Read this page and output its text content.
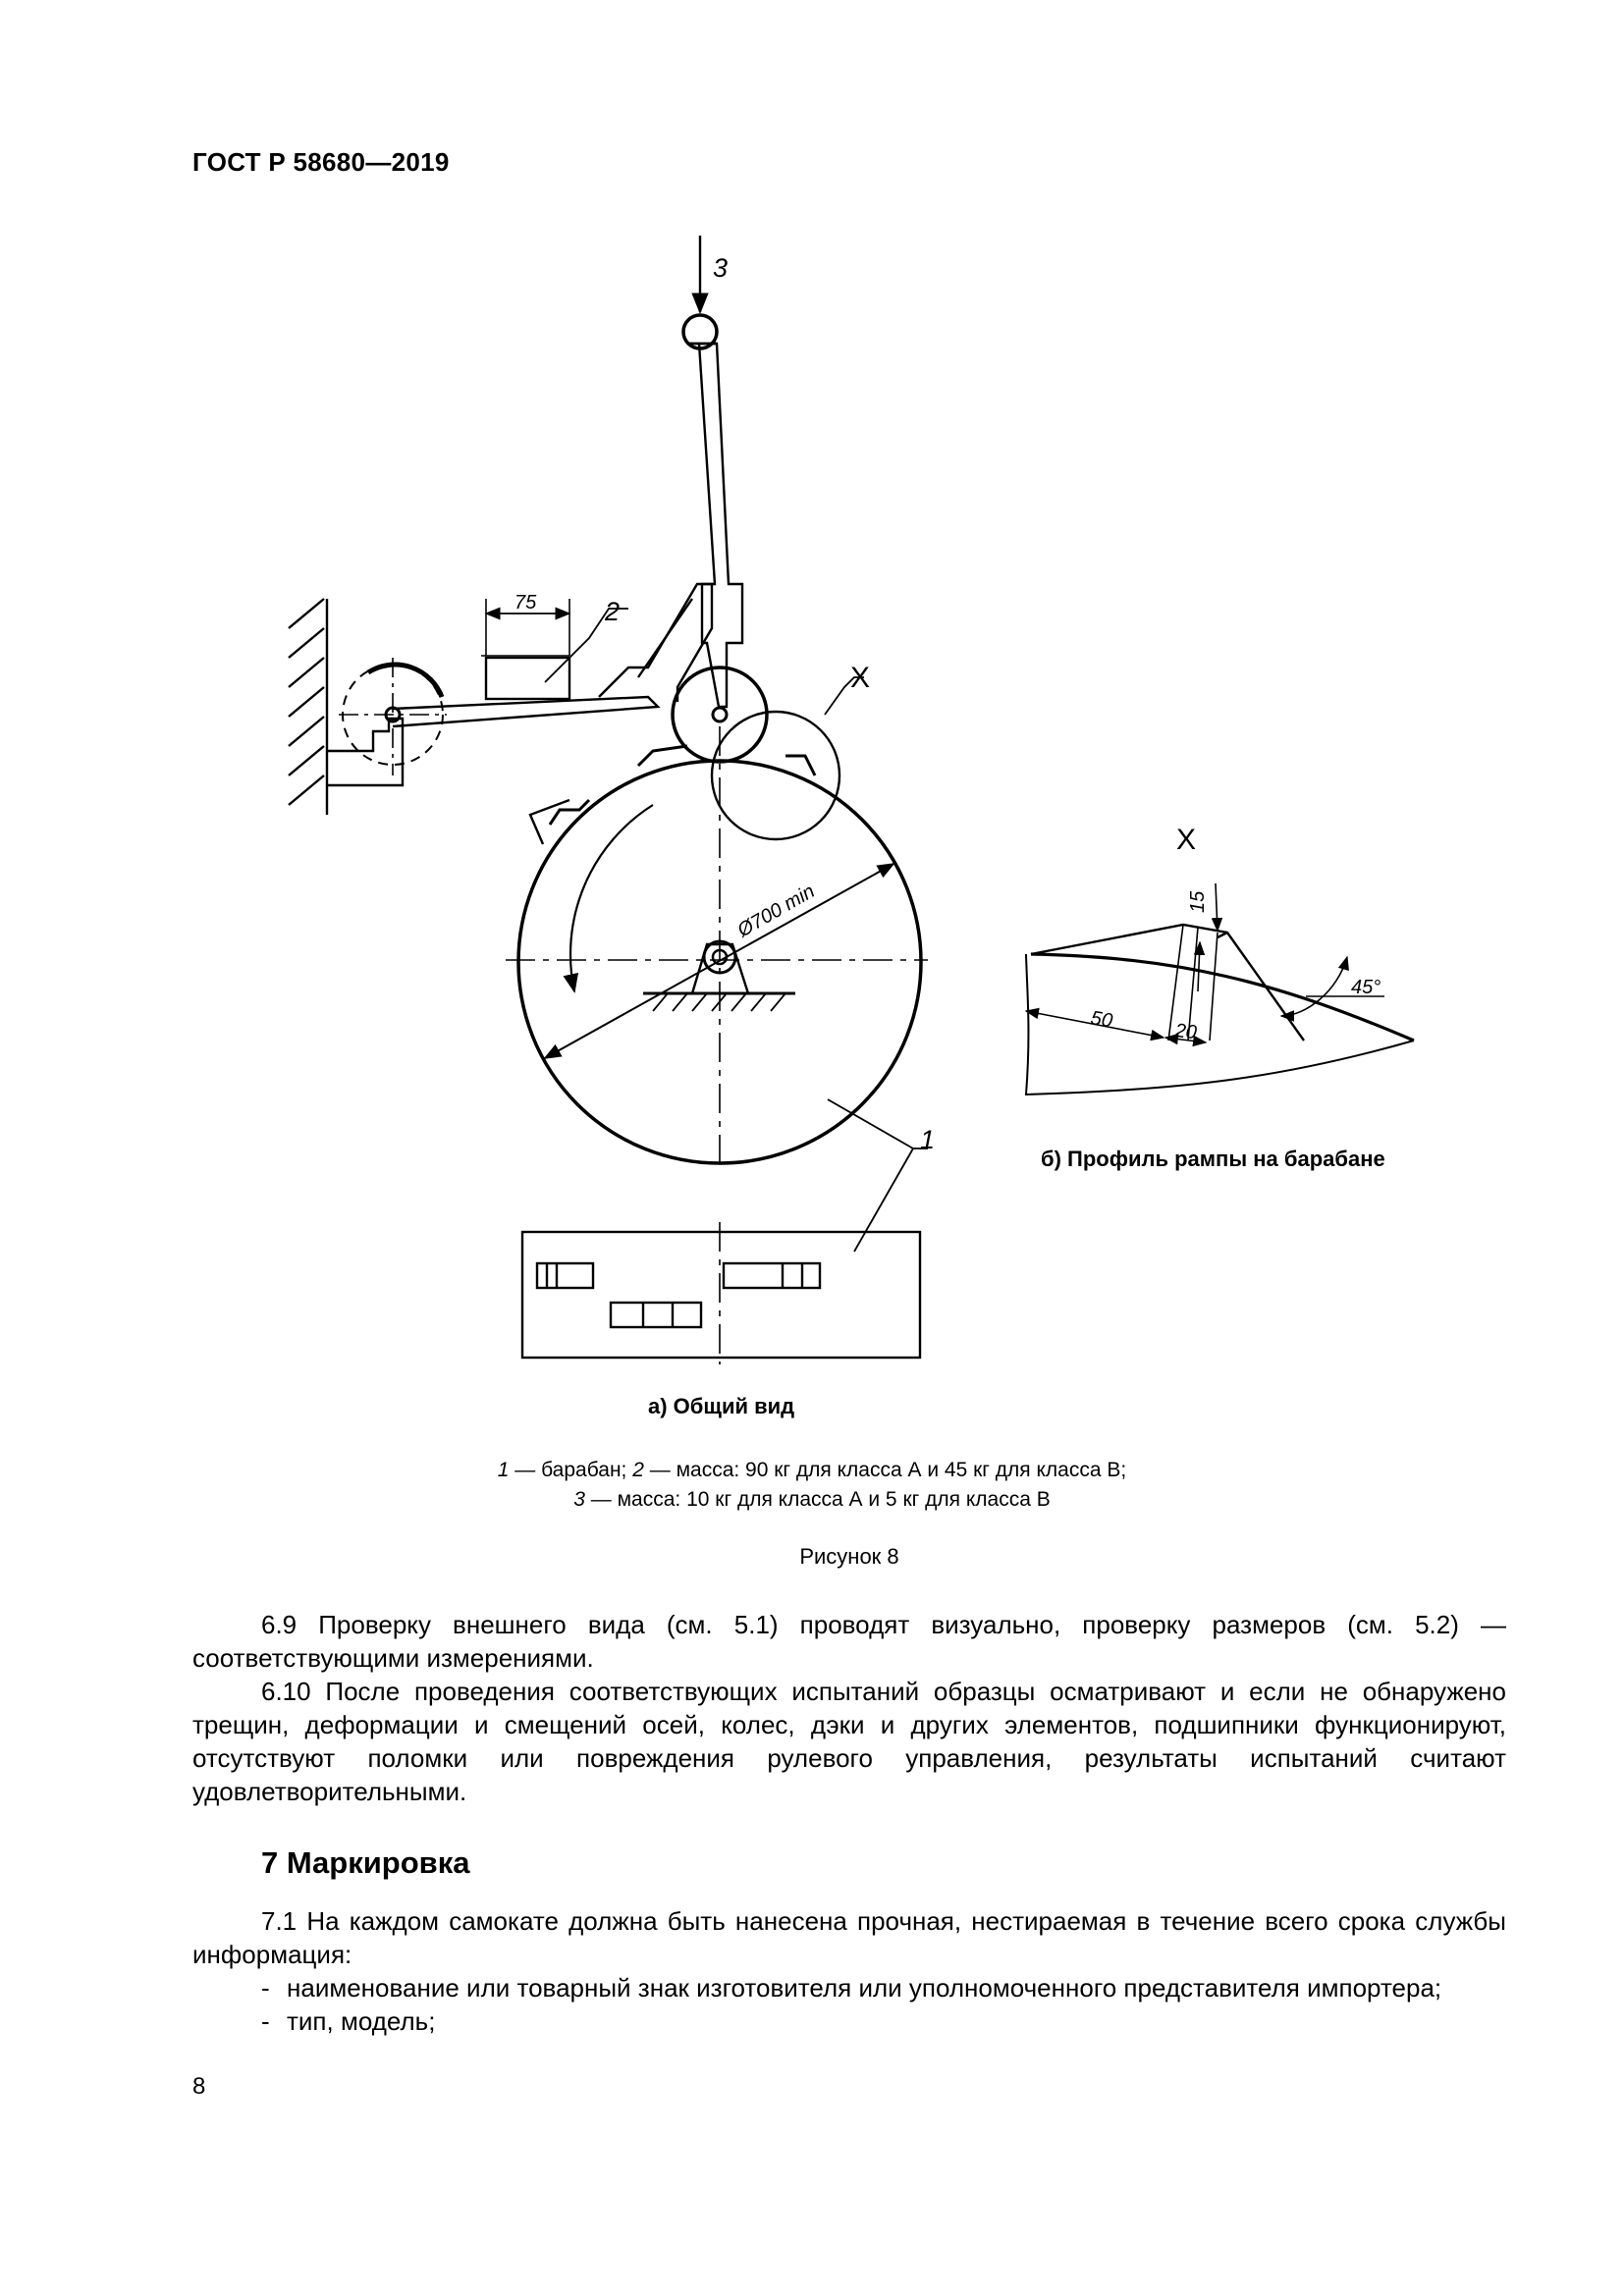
ГОСТ Р 58680—2019
3
2
1
X
X
75
Ø700 min	15
50	20
45°
б) Профиль рампы на барабане
а) Общий вид
1 — барабан; 2 — масса: 90 кг для класса А и 45 кг для класса В;
3 — масса: 10 кг для класса А и 5 кг для класса В
Рисунок 8
6.9 Проверку внешнего вида (см. 5.1) проводят визуально, проверку размеров (см. 5.2) — соответствующими измерениями.
6.10 После проведения соответствующих испытаний образцы осматривают и если не обнаружено трещин, деформации и смещений осей, колес, дэки и других элементов, подшипники функционируют, отсутствуют поломки или повреждения рулевого управления, результаты испытаний считают удовлетворительными.
7 Маркировка
7.1 На каждом самокате должна быть нанесена прочная, нестираемая в течение всего срока службы информация:
- наименование или товарный знак изготовителя или уполномоченного представителя импортера;
- тип, модель;
8
